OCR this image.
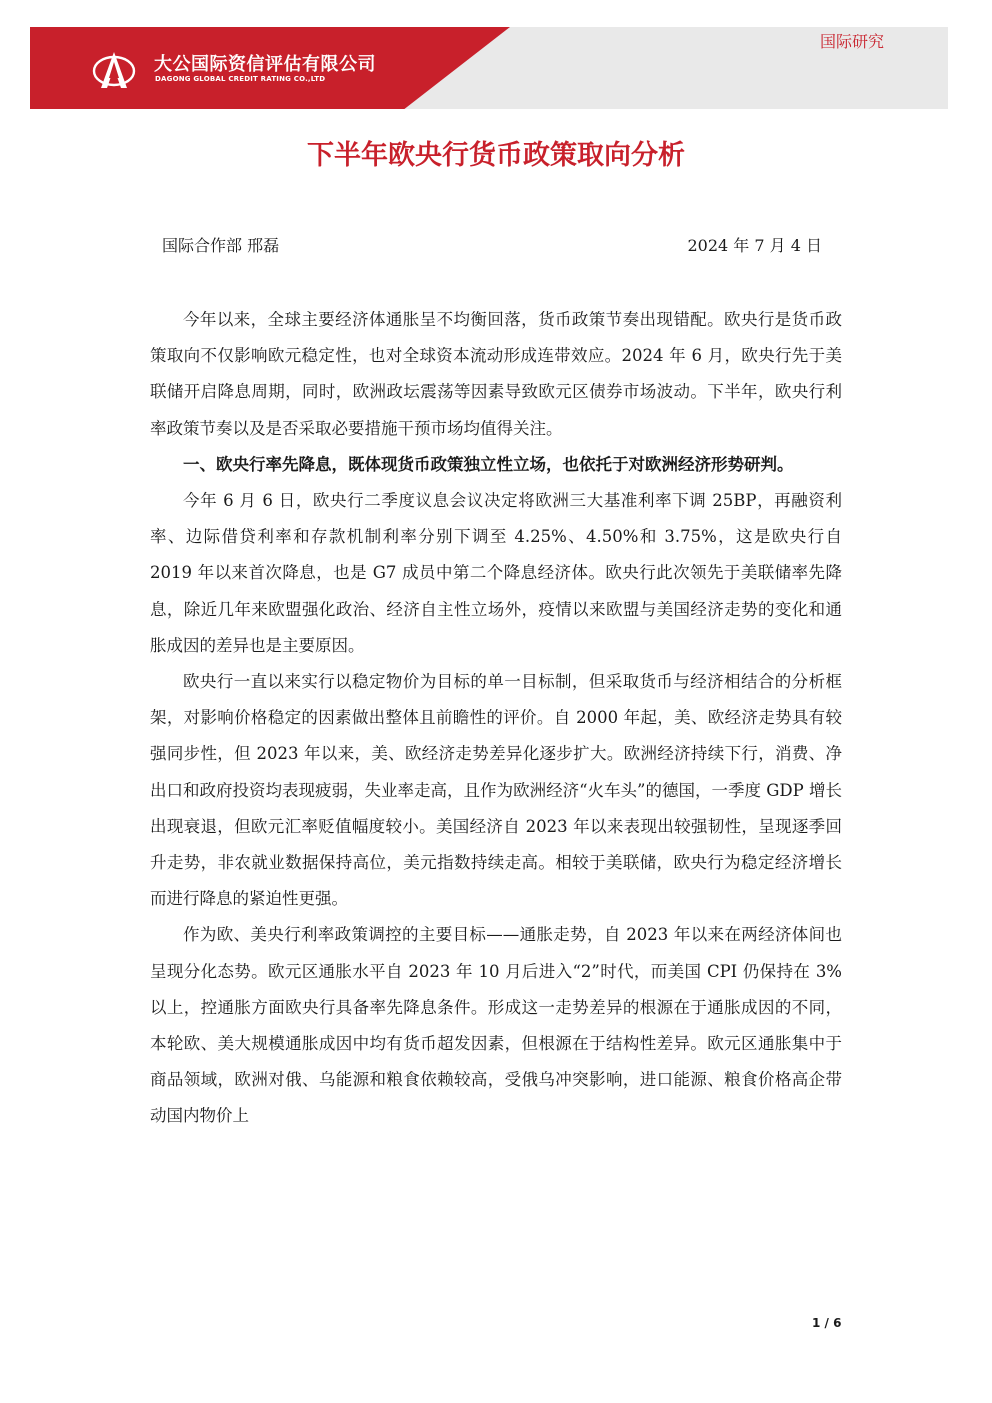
大公国际资信评估有限公司
DAGONG GLOBAL CREDIT RATING CO.,LTD
国际研究
下半年欧央行货币政策取向分析
国际合作部 邢磊	2024 年 7 月 4 日

今年以来，全球主要经济体通胀呈不均衡回落，货币政策节奏出现错配。欧央行是货币政策取向不仅影响欧元稳定性，也对全球资本流动形成连带效应。2024 年 6 月，欧央行先于美联储开启降息周期，同时，欧洲政坛震荡等因素导致欧元区债券市场波动。下半年，欧央行利率政策节奏以及是否采取必要措施干预市场均值得关注。

一、欧央行率先降息，既体现货币政策独立性立场，也依托于对欧洲经济形势研判。

今年 6 月 6 日，欧央行二季度议息会议决定将欧洲三大基准利率下调 25BP，再融资利率、边际借贷利率和存款机制利率分别下调至 4.25%、4.50%和 3.75%，这是欧央行自 2019 年以来首次降息，也是 G7 成员中第二个降息经济体。欧央行此次领先于美联储率先降息，除近几年来欧盟强化政治、经济自主性立场外，疫情以来欧盟与美国经济走势的变化和通胀成因的差异也是主要原因。

欧央行一直以来实行以稳定物价为目标的单一目标制，但采取货币与经济相结合的分析框架，对影响价格稳定的因素做出整体且前瞻性的评价。自 2000 年起，美、欧经济走势具有较强同步性，但 2023 年以来，美、欧经济走势差异化逐步扩大。欧洲经济持续下行，消费、净出口和政府投资均表现疲弱，失业率走高，且作为欧洲经济“火车头”的德国，一季度 GDP 增长出现衰退，但欧元汇率贬值幅度较小。美国经济自 2023 年以来表现出较强韧性，呈现逐季回升走势，非农就业数据保持高位，美元指数持续走高。相较于美联储，欧央行为稳定经济增长而进行降息的紧迫性更强。

作为欧、美央行利率政策调控的主要目标——通胀走势，自 2023 年以来在两经济体间也呈现分化态势。欧元区通胀水平自 2023 年 10 月后进入“2”时代，而美国 CPI 仍保持在 3%以上，控通胀方面欧央行具备率先降息条件。形成这一走势差异的根源在于通胀成因的不同，本轮欧、美大规模通胀成因中均有货币超发因素，但根源在于结构性差异。欧元区通胀集中于商品领域，欧洲对俄、乌能源和粮食依赖较高，受俄乌冲突影响，进口能源、粮食价格高企带动国内物价上

1 / 6
